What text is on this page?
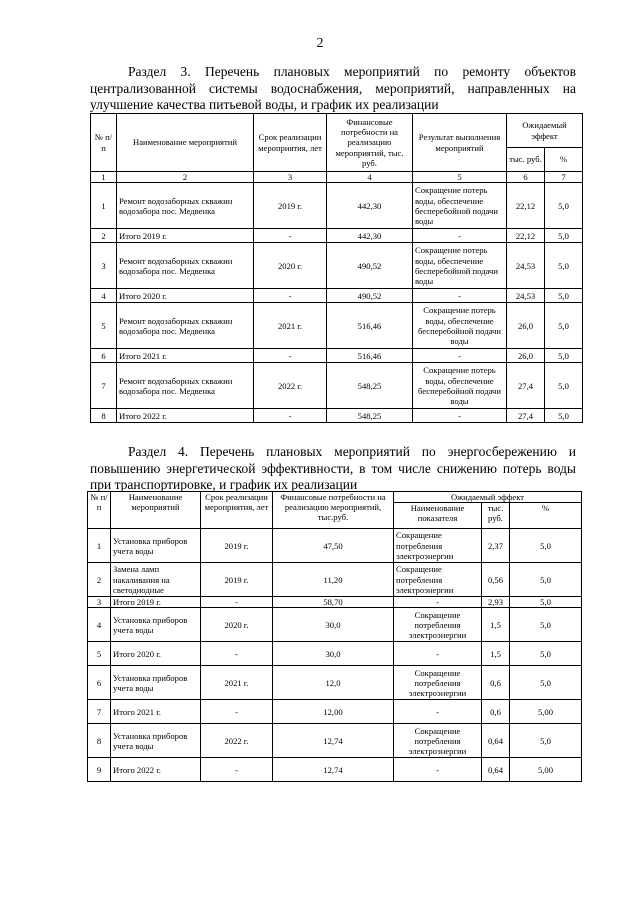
2
Раздел 3. Перечень плановых мероприятий по ремонту объектов централизованной системы водоснабжения, мероприятий, направленных на улучшение качества питьевой воды, и график их реализации
№ п/п	Наименование мероприятий	Срок реализации мероприятия, лет	Финансовые потребности на реализацию мероприятий, тыс. руб.	Результат выполнения мероприятий	Ожидаемый эффект	
					тыс. руб.	%
1	2	3	4	5	6	7
1	Ремонт водозаборных скважин водозабора пос. Медвенка	2019 г.	442,30	Сокращение потерь воды, обеспечение бесперебойной подачи воды	22,12	5,0
2	Итого 2019 г.	-	442,30	-	22,12	5,0
3	Ремонт водозаборных скважин водозабора пос. Медвенка	2020 г.	490,52	Сокращение потерь воды, обеспечение бесперебойной подачи воды	24,53	5,0
4	Итого 2020 г.	-	490,52	-	24,53	5,0
5	Ремонт водозаборных скважин водозабора пос. Медвенка	2021 г.	516,46	Сокращение потерь воды, обеспечение бесперебойной подачи воды	26,0	5,0
6	Итого 2021 г.	-	516,46	-	26,0	5,0
7	Ремонт водозаборных скважин водозабора пос. Медвенка	2022 г.	548,25	Сокращение потерь воды, обеспечение бесперебойной подачи воды	27,4	5,0
8	Итого 2022 г.	-	548,25	-	27,4	5,0
Раздел 4. Перечень плановых мероприятий по энергосбережению и повышению энергетической эффективности, в том числе снижению потерь воды при транспортировке, и график их реализации
№ п/п	Наименование мероприятий	Срок реализации мероприятия, лет	Финансовые потребности на реализацию мероприятий, тыс.руб.	Ожидаемый эффект		
				Наименование показателя	тыс. руб.	%
1	Установка приборов учета воды	2019 г.	47,50	Сокращение потребления электроэнергии	2,37	5,0
2	Замена ламп накаливания на светодиодные	2019 г.	11,20	Сокращение потребления электроэнергии	0,56	5,0
3	Итого 2019 г.	-	58,70	-	2,93	5,0
4	Установка приборов учета воды	2020 г.	30,0	Сокращение потребления электроэнергии	1,5	5,0
5	Итого 2020 г.	-	30,0	-	1,5	5,0
6	Установка приборов учета воды	2021 г.	12,0	Сокращение потребления электроэнергии	0,6	5,0
7	Итого 2021 г.	-	12,00	-	0,6	5,00
8	Установка приборов учета воды	2022 г.	12,74	Сокращение потребления электроэнергии	0,64	5,0
9	Итого 2022 г.	-	12,74	-	0,64	5,00
